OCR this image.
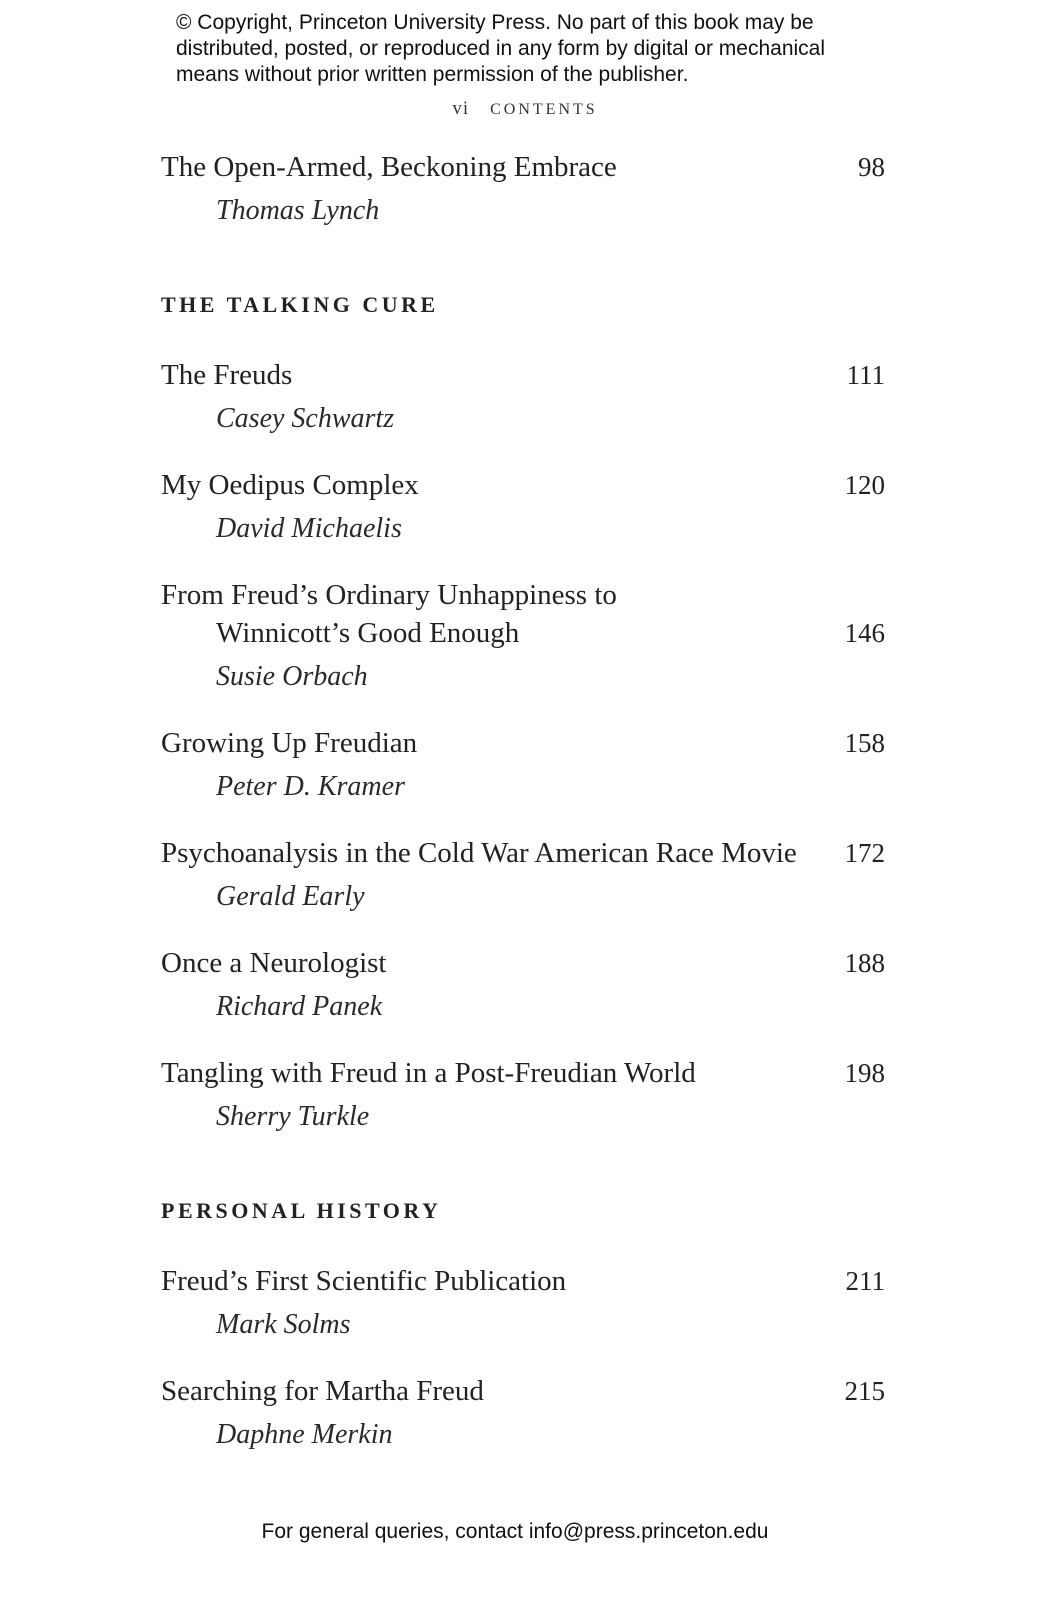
© Copyright, Princeton University Press. No part of this book may be
distributed, posted, or reproduced in any form by digital or mechanical
means without prior written permission of the publisher.
vi CONTENTS
The Open-Armed, Beckoning Embrace	98
Thomas Lynch
THE TALKING CURE
The Freuds	111
Casey Schwartz
My Oedipus Complex	120
David Michaelis
From Freud’s Ordinary Unhappiness to
Winnicott’s Good Enough	146
Susie Orbach
Growing Up Freudian	158
Peter D. Kramer
Psychoanalysis in the Cold War American Race Movie	172
Gerald Early
Once a Neurologist	188
Richard Panek
Tangling with Freud in a Post-Freudian World	198
Sherry Turkle
PERSONAL HISTORY
Freud’s First Scientific Publication	211
Mark Solms
Searching for Martha Freud	215
Daphne Merkin
For general queries, contact info@press.princeton.edu
